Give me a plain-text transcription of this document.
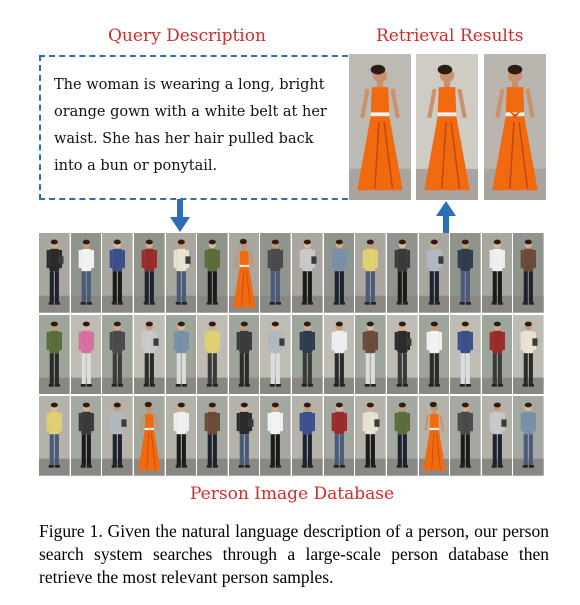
Query Description	Retrieval Results
The woman is wearing a long, bright orange gown with a white belt at her waist. She has her hair pulled back into a bun or ponytail.
Person Image Database
Figure 1. Given the natural language description of a person, our person search system searches through a large-scale person database then retrieve the most relevant person samples.
